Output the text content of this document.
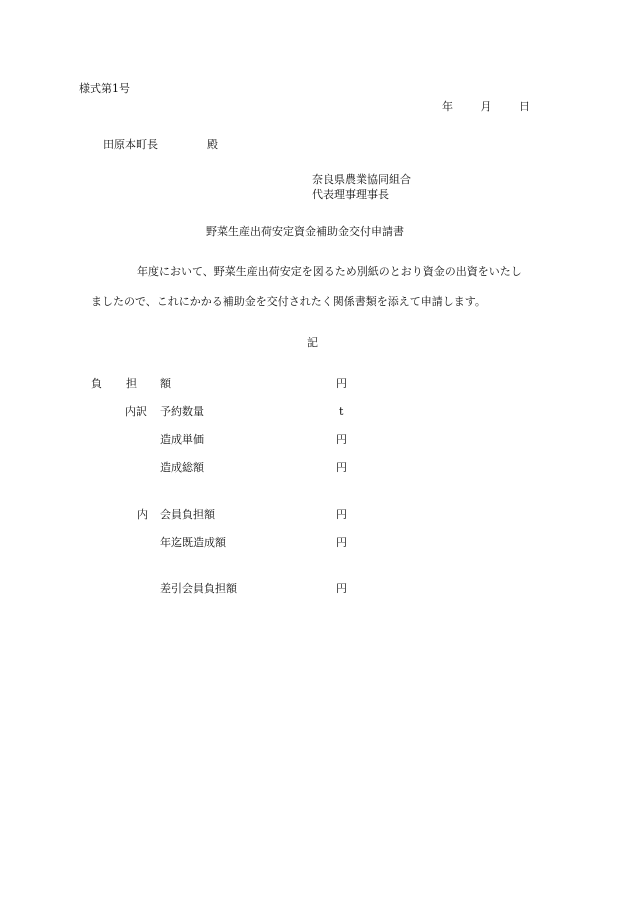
様式第1号
年	月	日
田原本町長	殿
奈良県農業協同組合
代表理事理事長
野菜生産出荷安定資金補助金交付申請書
年度において、野菜生産出荷安定を図るため別紙のとおり資金の出資をいたし
ましたので、これにかかる補助金を交付されたく関係書類を添えて申請します。
記
負 担 額	円
内訳 予約数量	t
造成単価	円
造成総額	円
内 会員負担額	円
年迄既造成額	円
差引会員負担額	円
